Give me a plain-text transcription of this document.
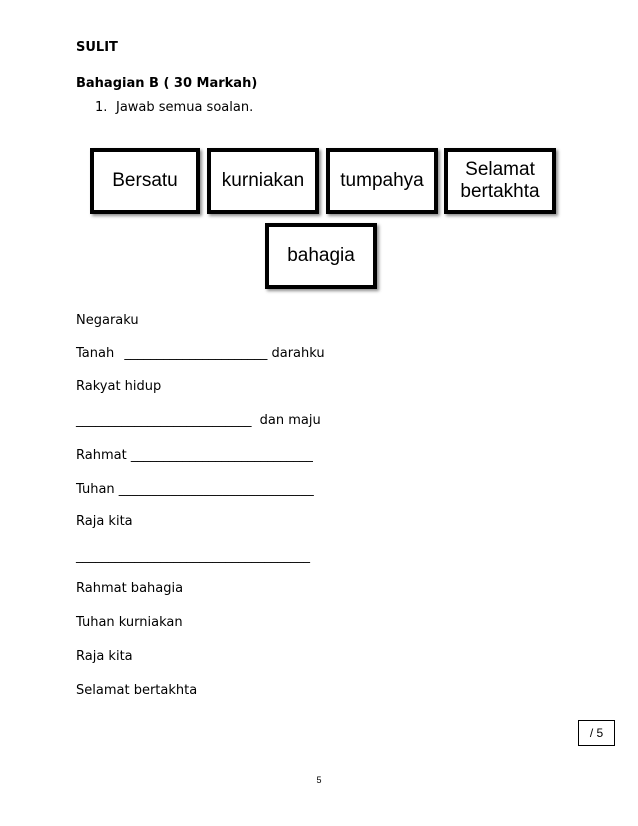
SULIT
Bahagian B ( 30 Markah)
1. Jawab semua soalan.
Bersatu kurniakan tumpahya
Selamat bertakhta
bahagia
Negaraku
Tanah ______________________ darahku
Rakyat hidup
___________________________ dan maju
Rahmat ____________________________
Tuhan ______________________________
Raja kita
____________________________________
Rahmat bahagia
Tuhan kurniakan
Raja kita
Selamat bertakhta
/ 5
5
